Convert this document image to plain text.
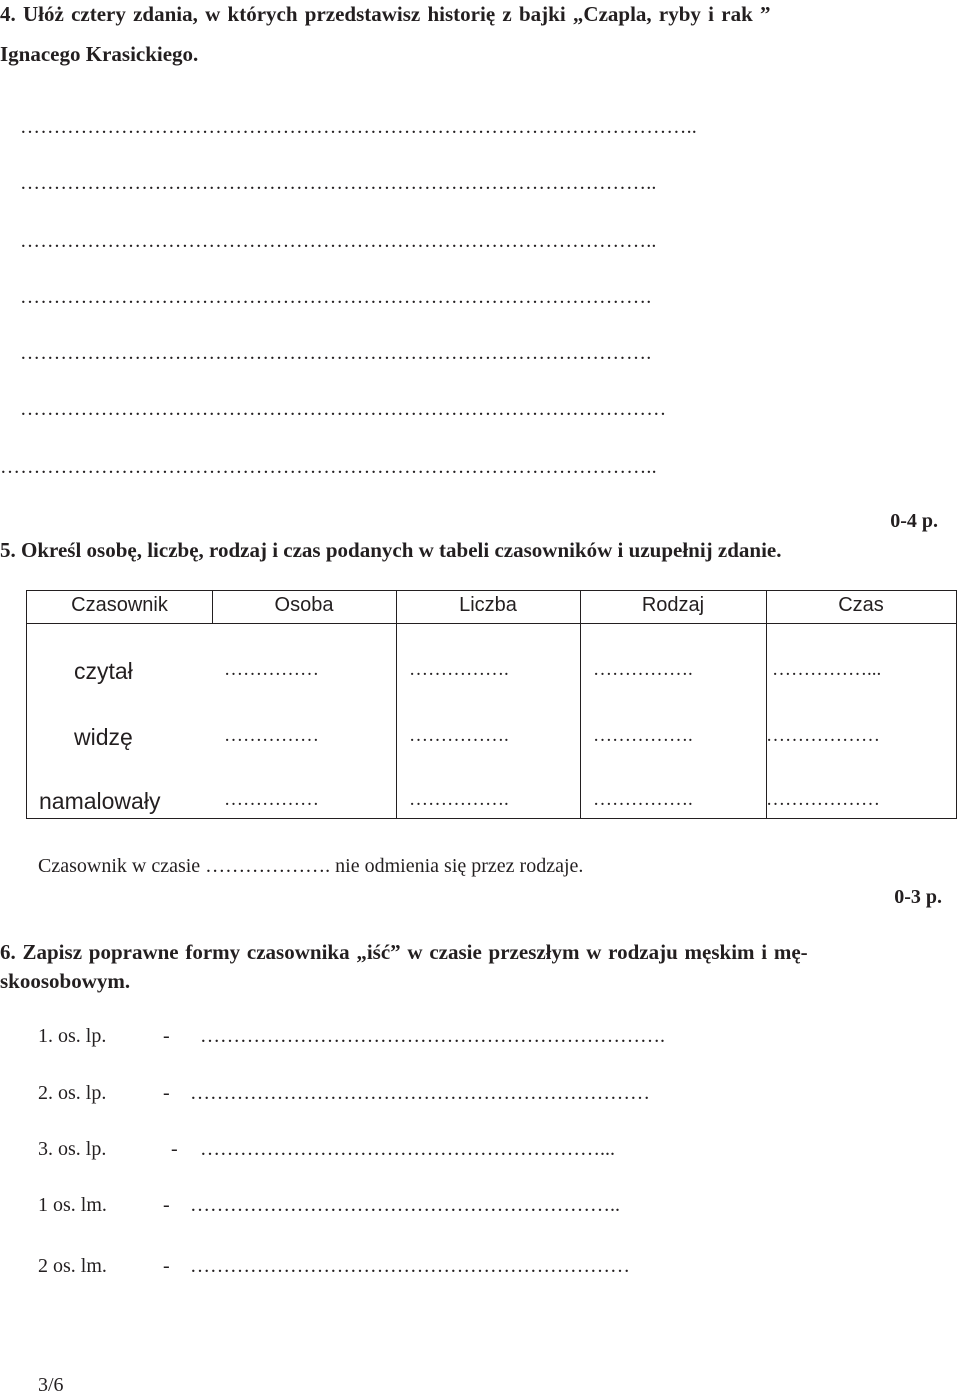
4. Ułóż cztery zdania, w których przedstawisz historię z bajki „Czapla, ryby i rak ”
Ignacego Krasickiego.
………………………………………………………………………………………..
…………………………………………………………………………………..
…………………………………………………………………………………..
………………………………………………………………………………….
………………………………………………………………………………….
……………………………………………………………………………………
……………………………………………………………………………………..
0-4 p.
5. Określ osobę, liczbę, rodzaj i czas podanych w tabeli czasowników i uzupełnij zdanie.
Czasownik	Osoba	Liczba	Rodzaj	Czas
czytał	……………	…………….	…………….	……………...
widzę	……………	…………….	…………….	………………
namalowały	……………	…………….	…………….	………………
Czasownik w czasie ………………. nie odmienia się przez rodzaje.
0-3 p.
6. Zapisz poprawne formy czasownika „iść” w czasie przeszłym w rodzaju męskim i mę-
skoosobowym.
1. os. lp.	- …………………………………………………………….
2. os. lp.	- ……………………………………………………………
3. os. lp.	- ……………………………………………………...
1 os. lm.	- ………………………………………………………..
2 os. lm.	- …………………………………………………………
3/6
